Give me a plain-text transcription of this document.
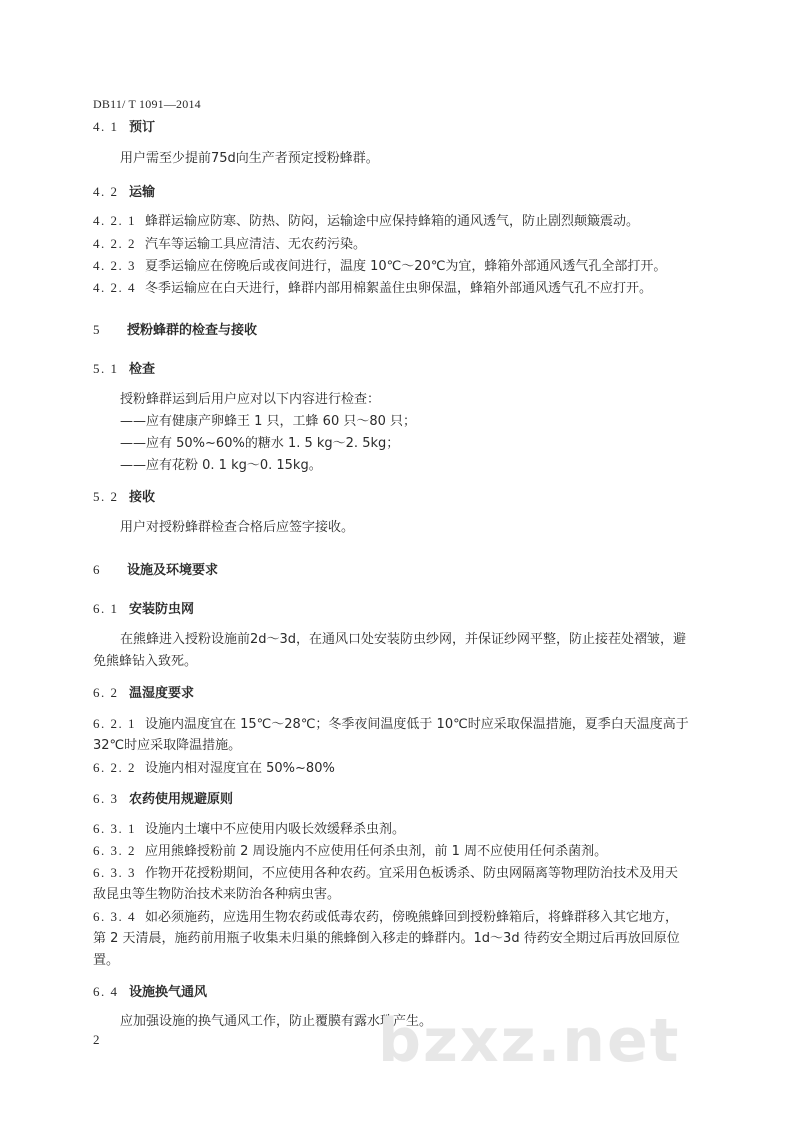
DB11/ T 1091—2014
4. 1 预订
用户需至少提前75d向生产者预定授粉蜂群。
4. 2 运输
4. 2. 1 蜂群运输应防寒、防热、防闷，运输途中应保持蜂箱的通风透气，防止剧烈颠簸震动。
4. 2. 2 汽车等运输工具应清洁、无农药污染。
4. 2. 3 夏季运输应在傍晚后或夜间进行，温度 10℃～20℃为宜，蜂箱外部通风透气孔全部打开。
4. 2. 4 冬季运输应在白天进行，蜂群内部用棉絮盖住虫卵保温，蜂箱外部通风透气孔不应打开。
5 授粉蜂群的检查与接收
5. 1 检查
授粉蜂群运到后用户应对以下内容进行检查：
——应有健康产卵蜂王 1 只，工蜂 60 只～80 只；
——应有 50%~60%的糖水 1. 5 kg～2. 5kg；
——应有花粉 0. 1 kg～0. 15kg。
5. 2 接收
用户对授粉蜂群检查合格后应签字接收。
6 设施及环境要求
6. 1 安装防虫网
在熊蜂进入授粉设施前2d～3d，在通风口处安装防虫纱网，并保证纱网平整，防止接茬处褶皱，避
免熊蜂钻入致死。
6. 2 温湿度要求
6. 2. 1 设施内温度宜在 15℃～28℃；冬季夜间温度低于 10℃时应采取保温措施，夏季白天温度高于
32℃时应采取降温措施。
6. 2. 2 设施内相对湿度宜在 50%~80%
6. 3 农药使用规避原则
6. 3. 1 设施内土壤中不应使用内吸长效缓释杀虫剂。
6. 3. 2 应用熊蜂授粉前 2 周设施内不应使用任何杀虫剂，前 1 周不应使用任何杀菌剂。
6. 3. 3 作物开花授粉期间，不应使用各种农药。宜采用色板诱杀、防虫网隔离等物理防治技术及用天
敌昆虫等生物防治技术来防治各种病虫害。
6. 3. 4 如必须施药，应选用生物农药或低毒农药，傍晚熊蜂回到授粉蜂箱后，将蜂群移入其它地方，
第 2 天清晨，施药前用瓶子收集未归巢的熊蜂倒入移走的蜂群内。1d～3d 待药安全期过后再放回原位
置。
6. 4 设施换气通风
应加强设施的换气通风工作，防止覆膜有露水珠产生。
2	bzxz.net
